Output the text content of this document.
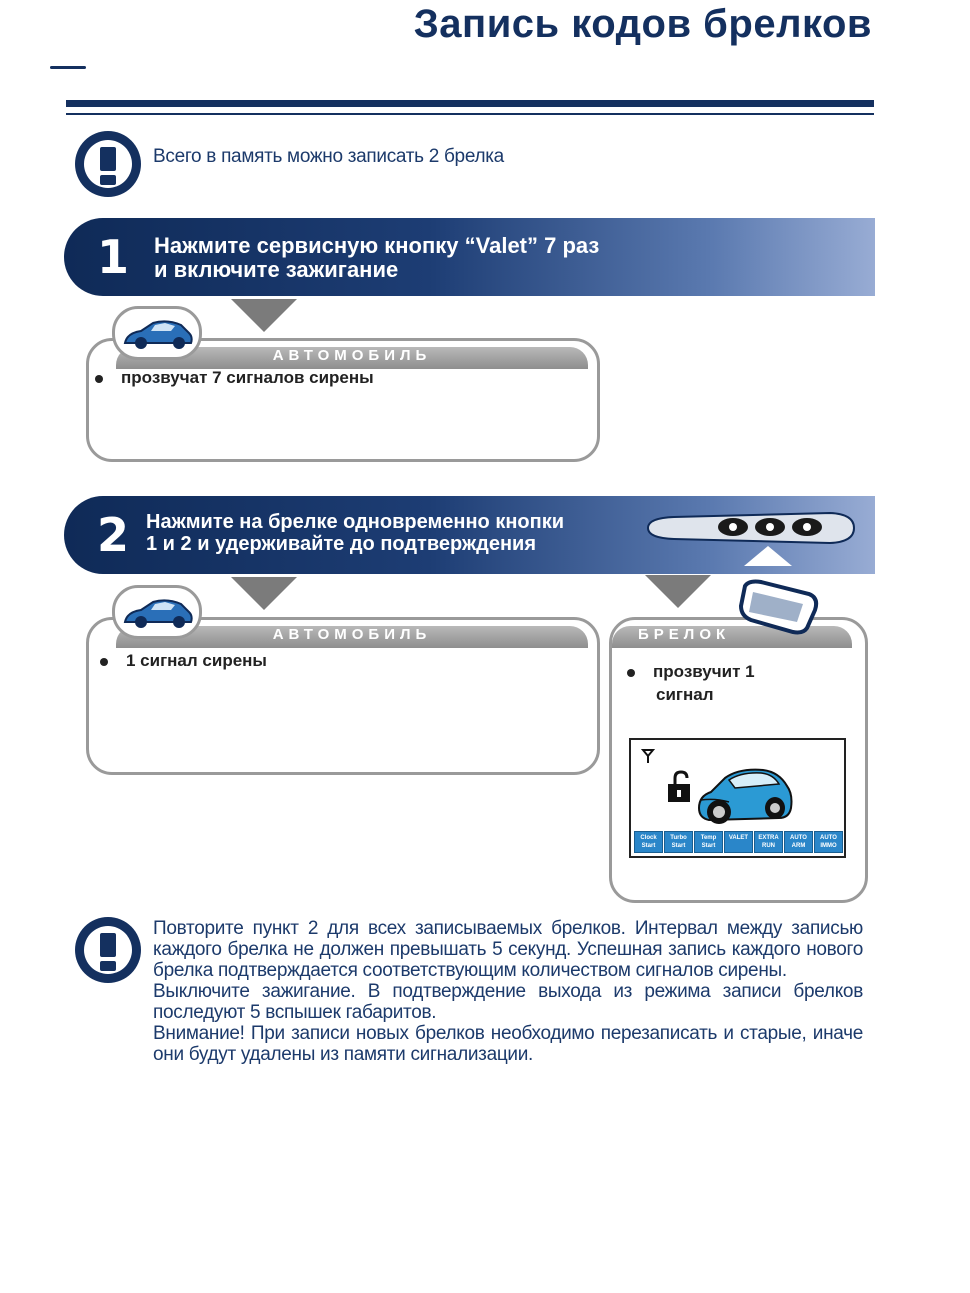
Запись кодов брелков
Всего в память можно записать 2 брелка
1 Нажмите сервисную кнопку “Valet” 7 раз
и включите зажигание
АВТОМОБИЛЬ
прозвучат 7 сигналов сирены
2 Нажмите на брелке одновременно кнопки
1 и 2 и удерживайте до подтверждения
АВТОМОБИЛЬ
1 сигнал сирены
БРЕЛОК
прозвучит 1
сигнал
Clock
Start
Turbo
Start
Temp
Start
VALET	EXTRA
RUN
AUTO
ARM
AUTO
IMMO

Повторите пункт 2 для всех записываемых брелков. Интервал между записью каждого брелка не должен превышать 5 секунд. Успешная запись каждого нового брелка подтверждается соответствующим количеством сигналов сирены.

Выключите зажигание. В подтверждение выхода из режима записи брелков последуют 5 вспышек габаритов.

Внимание! При записи новых брелков необходимо перезаписать и старые, иначе они будут удалены из памяти сигнализации.
